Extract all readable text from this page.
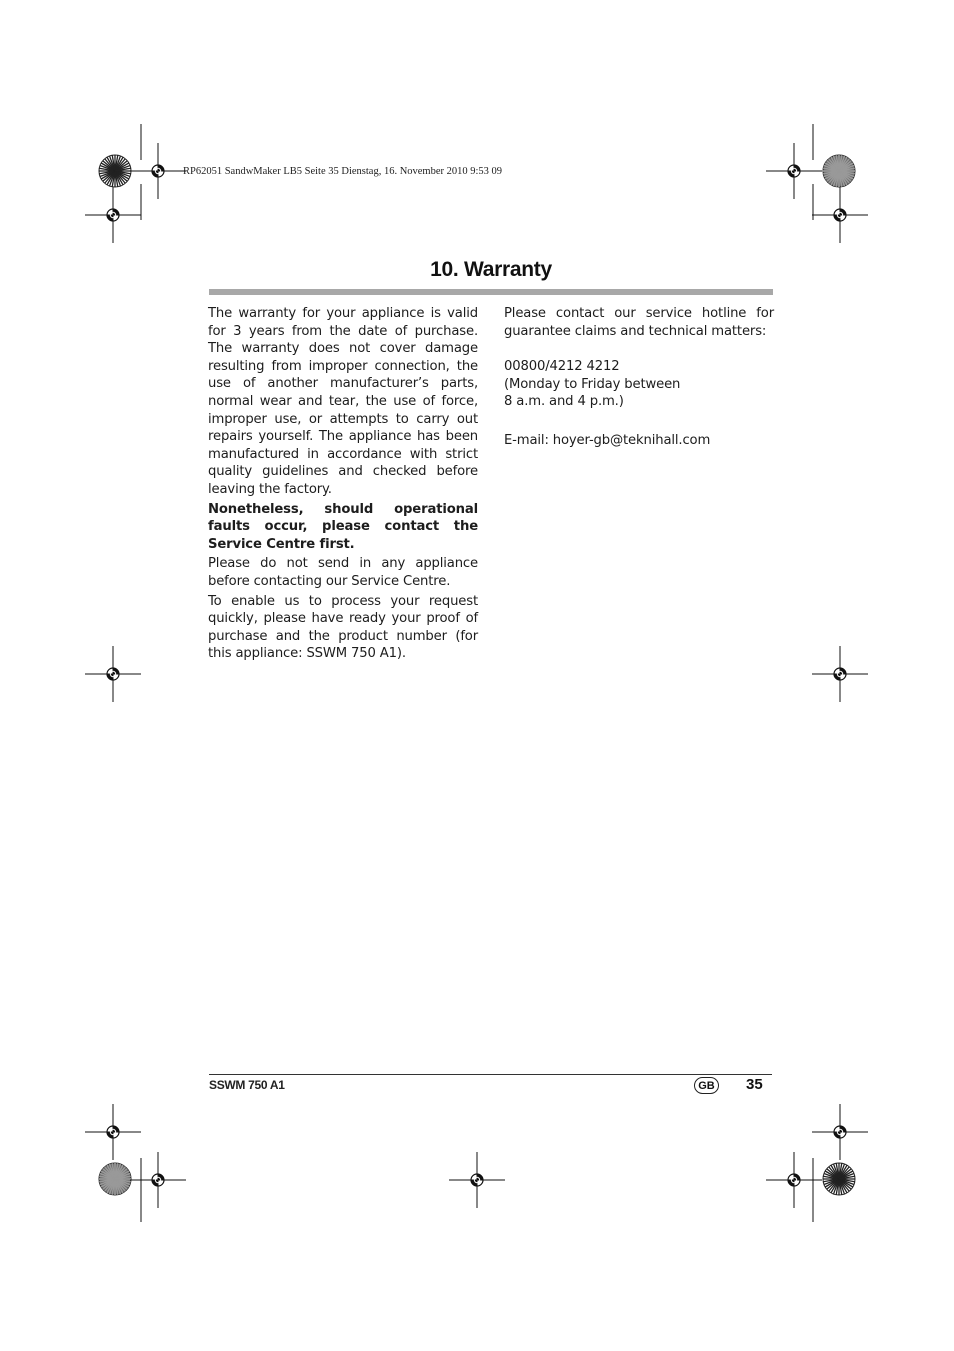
RP62051 SandwMaker LB5 Seite 35 Dienstag, 16. November 2010 9:53 09
10. Warranty

The warranty for your appliance is valid for 3 years from the date of purchase. The warranty does not cover damage resulting from improper connection, the use of another manufacturer’s parts, normal wear and tear, the use of force, improper use, or attempts to carry out repairs yourself. The appliance has been manufactured in accordance with strict quality guidelines and checked before leaving the factory.

Nonetheless, should operational faults occur, please contact the Service Centre first.

Please do not send in any appliance before contacting our Service Centre.

To enable us to process your request quickly, please have ready your proof of purchase and the product number (for this appliance: SSWM 750 A1).

Please contact our service hotline for guarantee claims and technical matters:

00800/4212 4212
(Monday to Friday between
8 a.m. and 4 p.m.)
E-mail: hoyer-gb@teknihall.com
SSWM 750 A1	GB 35
